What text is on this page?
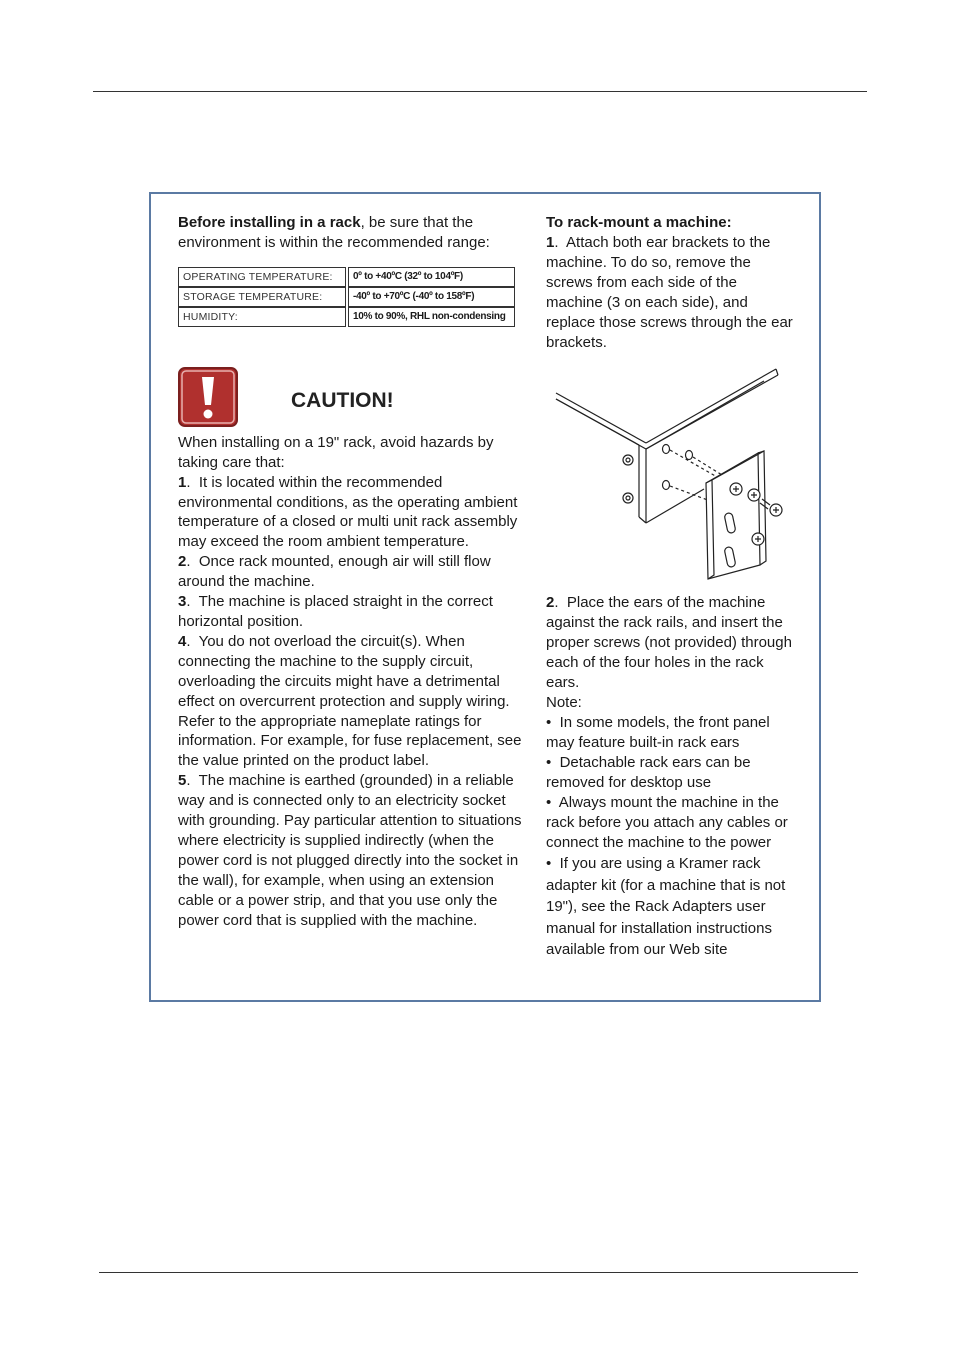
Before installing in a rack, be sure that the environment is within the recommended range:

OPERATING TEMPERATURE:	0º to +40ºC (32º to 104ºF)
STORAGE TEMPERATURE:	-40º to +70ºC (-40º to 158ºF)
HUMIDITY:	10% to 90%, RHL non-condensing
CAUTION!

When installing on a 19" rack, avoid hazards by taking care that:

1.  It is located within the recommended environmental conditions, as the operating ambient temperature of a closed or multi unit rack assembly may exceed the room ambient temperature.

2.  Once rack mounted, enough air will still flow around the machine.

3.  The machine is placed straight in the correct horizontal position.

4.  You do not overload the circuit(s). When connecting the machine to the supply circuit, overloading the circuits might have a detrimental effect on overcurrent protection and supply wiring. Refer to the appropriate nameplate ratings for information. For example, for fuse replacement, see the value printed on the product label.

5.  The machine is earthed (grounded) in a reliable way and is connected only to an electricity socket with grounding. Pay particular attention to situations where electricity is supplied indirectly (when the power cord is not plugged directly into the socket in the wall), for example, when using an extension cable or a power strip, and that you use only the power cord that is supplied with the machine.

To rack-mount a machine:

1.  Attach both ear brackets to the machine. To do so, remove the screws from each side of the machine (3 on each side), and replace those screws through the ear brackets.

2.  Place the ears of the machine against the rack rails, and insert the proper screws (not provided) through each of the four holes in the rack ears.

Note:

•  In some models, the front panel may feature built-in rack ears

•  Detachable rack ears can be removed for desktop use

•  Always mount the machine in the rack before you attach any cables or connect the machine to the power

•  If you are using a Kramer rack adapter kit (for a machine that is not 19"), see the Rack Adapters user manual for installation instructions available from our Web site
